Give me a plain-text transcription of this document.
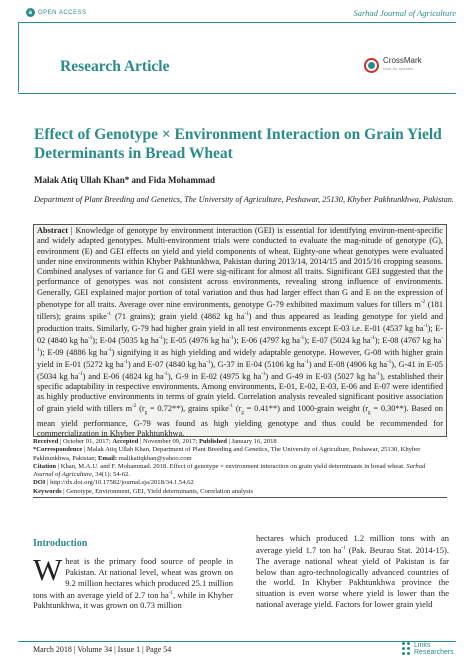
a OPEN ACCESS	Sarhad Journal of Agriculture
Research Article	CrossMark
click for updates
Effect of Genotype × Environment Interaction on Grain Yield Determinants in Bread Wheat
Malak Atiq Ullah Khan* and Fida Mohammad
Department of Plant Breeding and Genetics, The University of Agriculture, Peshawar, 25130, Khyber Pakhtunkhwa, Pakistan.

Abstract | Knowledge of genotype by environment interaction (GEI) is essential for identifying environ-ment-specific and widely adapted genotypes. Multi-environment trials were conducted to evaluate the mag-nitude of genotype (G), environment (E) and GEI effects on yield and yield components of wheat. Eighty-one wheat genotypes were evaluated under nine environments within Khyber Pakhtunkhwa, Pakistan during 2013/14, 2014/15 and 2015/16 cropping seasons. Combined analyses of variance for G and GEI were sig-nificant for almost all traits. Significant GEI suggested that the performance of genotypes was not consistent across environments, revealing strong influence of environments. Generally, GEI explained major portion of total variation and thus had larger effect than G and E on the expression of phenotype for all traits. Average over nine environments, genotype G-79 exhibited maximum values for tillers $m^{-2}$ (181 tillers); grains spike$^{-1}$ (71 grains); grain yield (4862 kg $ha^{-1}$) and thus appeared as leading genotype for yield and production traits. Similarly, G-79 had higher grain yield in all test environments except E-03 i.e. E-01 (4537 kg $ha^{-1}$); E-02 (4840 kg $ha^{-1}$); E-04 (5035 kg $ha^{-1}$); E-05 (4976 kg $ha^{-1}$); E-06 (4797 kg $ha^{-1}$); E-07 (5024 kg $ha^{-1}$); E-08 (4767 kg $ha^{-1}$); E-09 (4886 kg $ha^{-1}$) signifying it as high yielding and widely adaptable genotype. However, G-08 with higher grain yield in E-01 (5272 kg $ha^{-1}$) and E-07 (4840 kg $ha^{-1}$), G-37 in E-04 (5106 kg $ha^{-1}$) and E-08 (4906 kg $ha^{-1}$), G-41 in E-05 (5034 kg $ha^{-1}$) and E-06 (4824 kg $ha^{-1}$), G-9 in E-02 (4975 kg $ha^{-1}$) and G-49 in E-03 (5027 kg $ha^{-1}$), established their specific adaptability in respective environments. Among environments, E-01, E-02, E-03, E-06 and E-07 were identified as highly productive environments in terms of grain yield. Correlation analysis revealed significant positive association of grain yield with tillers $m^{-2}$ $(r_g = 0.72**)$, grains spike$^{-1}$ $(r_g = 0.41**)$ and 1000-grain weight $(r_g = 0.30**)$. Based on mean yield performance, G-79 was found as high yielding genotype and thus could be recommended for commercialization in Khyber Pakhtunkhwa.

Received | October 01, 2017; Accepted | November 09, 2017; Published | January 16, 2018
*Correspondence | Malak Atiq Ullah Khan, Department of Plant Breeding and Genetics, The University of Agriculture, Peshawar, 25130, Khyber Pakhtunkhwa, Pakistan; Email: malikatiqkhan@yahoo.com
Citation | Khan, M.A.U. and F. Mohammad. 2018. Effect of genotype × environment interaction on grain yield determinants in bread wheat. Sarhad Journal of Agriculture, 34(1): 54-62.
DOI | http://dx.doi.org/10.17582/journal.sja/2018/34.1.54.62
Keywords | Genotype, Environment, GEI, Yield determinants, Correlation analysis
Introduction

Wheat is the primary food source of people in Pakistan. At national level, wheat was grown on 9.2 million hectares which produced 25.1 million tons with an average yield of 2.7 ton $ha^{-1}$, while in Khyber Pakhtunkhwa, it was grown on 0.73 million

hectares which produced 1.2 million tons with an average yield 1.7 ton $ha^{-1}$ (Pak. Beurau Stat. 2014-15). The average national wheat yield of Pakistan is far below than agro-technologically advanced countries of the world. In Khyber Pakhtunkhwa province the situation is even worse where yield is lower than the national average yield. Factors for lower grain yield

March 2018 | Volume 34 | Issue 1 | Page 54	Links
Researchers
